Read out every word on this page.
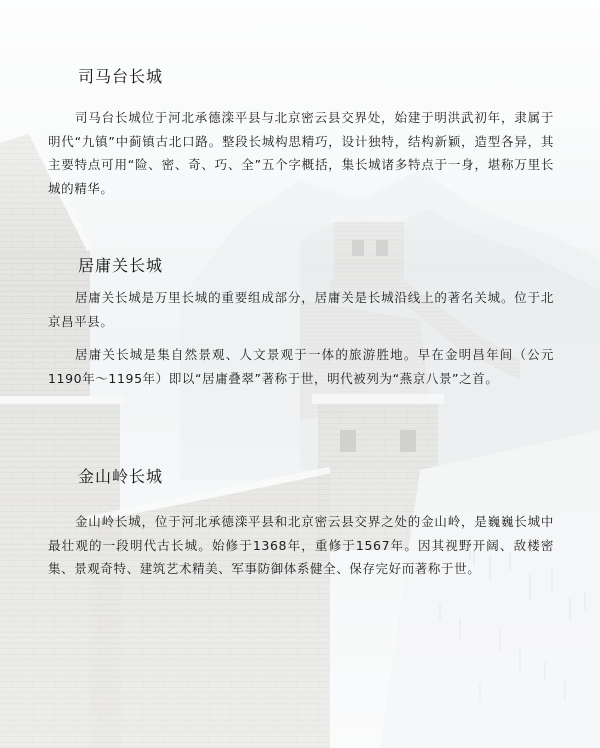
司马台长城

司马台长城位于河北承德滦平县与北京密云县交界处，始建于明洪武初年，隶属于明代“九镇”中蓟镇古北口路。整段长城构思精巧，设计独特，结构新颖，造型各异，其主要特点可用“险、密、奇、巧、全”五个字概括，集长城诸多特点于一身，堪称万里长城的精华。

居庸关长城

居庸关长城是万里长城的重要组成部分，居庸关是长城沿线上的著名关城。位于北京昌平县。

居庸关长城是集自然景观、人文景观于一体的旅游胜地。早在金明昌年间（公元1190年～1195年）即以“居庸叠翠”著称于世，明代被列为“燕京八景”之首。

金山岭长城

金山岭长城，位于河北承德滦平县和北京密云县交界之处的金山岭，是巍巍长城中最壮观的一段明代古长城。始修于1368年，重修于1567年。因其视野开阔、敌楼密集、景观奇特、建筑艺术精美、军事防御体系健全、保存完好而著称于世。
